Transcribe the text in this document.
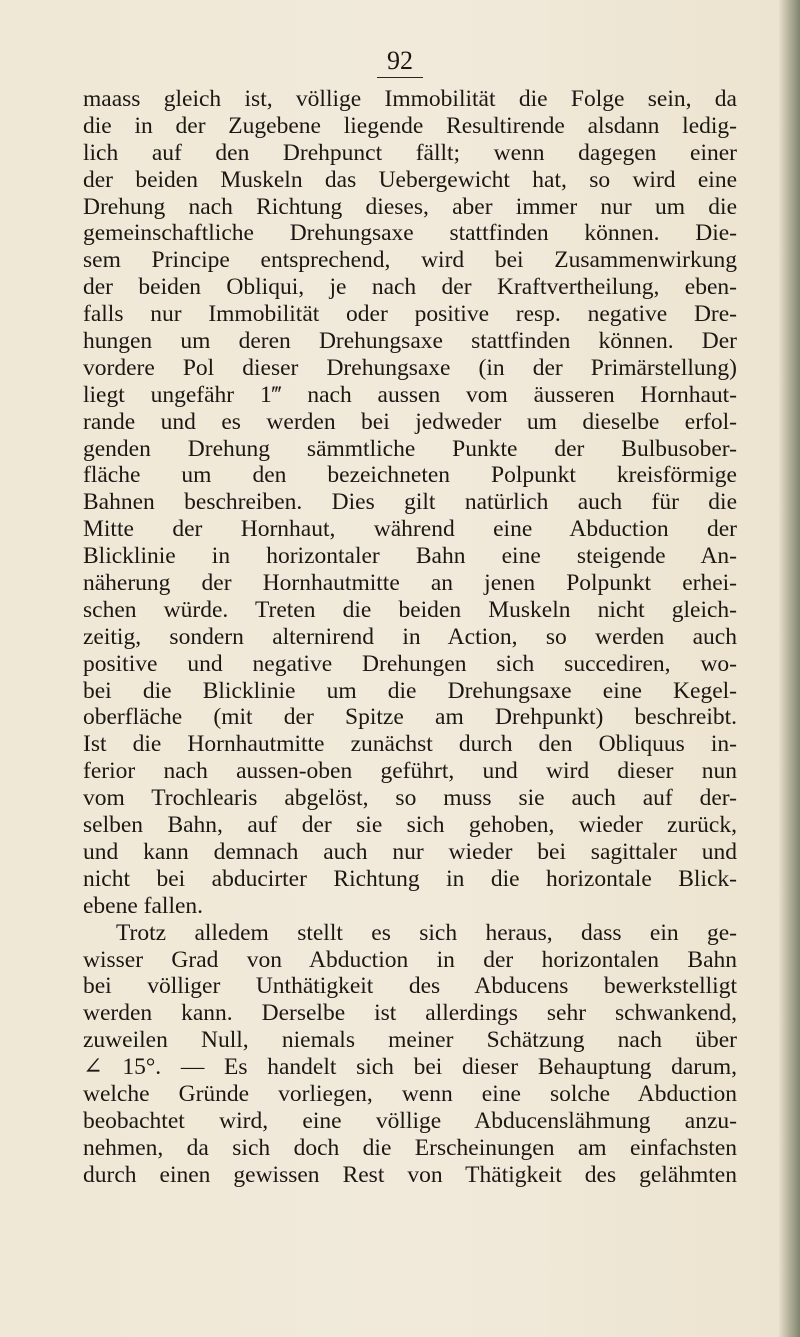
92
maass gleich ist, völlige Immobilität die Folge sein, da
die in der Zugebene liegende Resultirende alsdann ledig-
lich auf den Drehpunct fällt; wenn dagegen einer
der beiden Muskeln das Uebergewicht hat, so wird eine
Drehung nach Richtung dieses, aber immer nur um die
gemeinschaftliche Drehungsaxe stattfinden können. Die-
sem Principe entsprechend, wird bei Zusammenwirkung
der beiden Obliqui, je nach der Kraftvertheilung, eben-
falls nur Immobilität oder positive resp. negative Dre-
hungen um deren Drehungsaxe stattfinden können. Der
vordere Pol dieser Drehungsaxe (in der Primärstellung)
liegt ungefähr 1‴ nach aussen vom äusseren Hornhaut-
rande und es werden bei jedweder um dieselbe erfol-
genden Drehung sämmtliche Punkte der Bulbusober-
fläche um den bezeichneten Polpunkt kreisförmige
Bahnen beschreiben. Dies gilt natürlich auch für die
Mitte der Hornhaut, während eine Abduction der
Blicklinie in horizontaler Bahn eine steigende An-
näherung der Hornhautmitte an jenen Polpunkt erhei-
schen würde. Treten die beiden Muskeln nicht gleich-
zeitig, sondern alternirend in Action, so werden auch
positive und negative Drehungen sich succediren, wo-
bei die Blicklinie um die Drehungsaxe eine Kegel-
oberfläche (mit der Spitze am Drehpunkt) beschreibt.
Ist die Hornhautmitte zunächst durch den Obliquus in-
ferior nach aussen-oben geführt, und wird dieser nun
vom Trochlearis abgelöst, so muss sie auch auf der-
selben Bahn, auf der sie sich gehoben, wieder zurück,
und kann demnach auch nur wieder bei sagittaler und
nicht bei abducirter Richtung in die horizontale Blick-
ebene fallen.
Trotz alledem stellt es sich heraus, dass ein ge-
wisser Grad von Abduction in der horizontalen Bahn
bei völliger Unthätigkeit des Abducens bewerkstelligt
werden kann. Derselbe ist allerdings sehr schwankend,
zuweilen Null, niemals meiner Schätzung nach über
∠ 15°. — Es handelt sich bei dieser Behauptung darum,
welche Gründe vorliegen, wenn eine solche Abduction
beobachtet wird, eine völlige Abducenslähmung anzu-
nehmen, da sich doch die Erscheinungen am einfachsten
durch einen gewissen Rest von Thätigkeit des gelähmten
